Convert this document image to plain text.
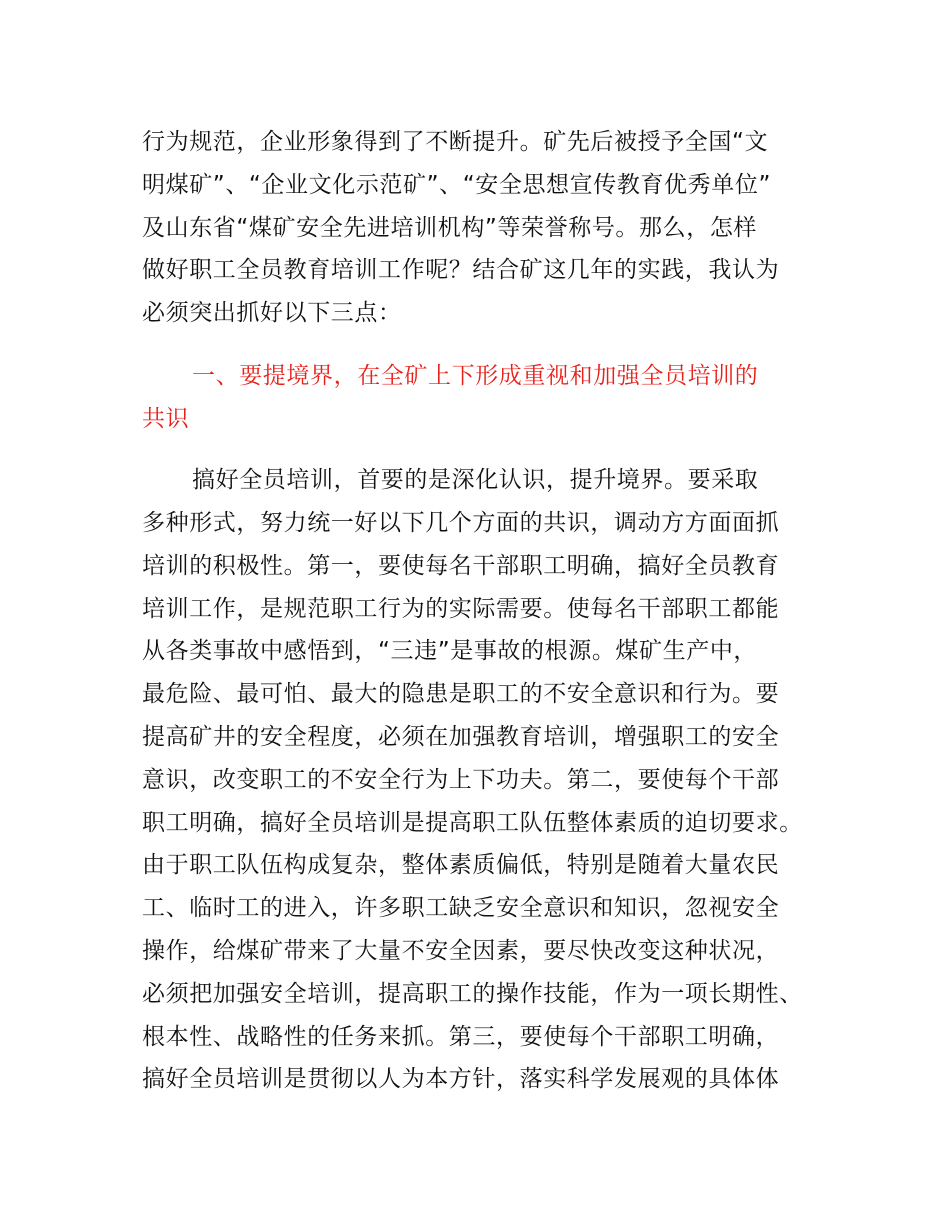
行为规范，企业形象得到了不断提升。矿先后被授予全国“文
明煤矿”、“企业文化示范矿”、“安全思想宣传教育优秀单位”
及山东省“煤矿安全先进培训机构”等荣誉称号。那么，怎样
做好职工全员教育培训工作呢？结合矿这几年的实践，我认为
必须突出抓好以下三点：
一、要提境界，在全矿上下形成重视和加强全员培训的
共识
搞好全员培训，首要的是深化认识，提升境界。要采取
多种形式，努力统一好以下几个方面的共识，调动方方面面抓
培训的积极性。第一，要使每名干部职工明确，搞好全员教育
培训工作，是规范职工行为的实际需要。使每名干部职工都能
从各类事故中感悟到，“三违”是事故的根源。煤矿生产中，
最危险、最可怕、最大的隐患是职工的不安全意识和行为。要
提高矿井的安全程度，必须在加强教育培训，增强职工的安全
意识，改变职工的不安全行为上下功夫。第二，要使每个干部
职工明确，搞好全员培训是提高职工队伍整体素质的迫切要求。
由于职工队伍构成复杂，整体素质偏低，特别是随着大量农民
工、临时工的进入，许多职工缺乏安全意识和知识，忽视安全
操作，给煤矿带来了大量不安全因素，要尽快改变这种状况，
必须把加强安全培训，提高职工的操作技能，作为一项长期性、
根本性、战略性的任务来抓。第三，要使每个干部职工明确，
搞好全员培训是贯彻以人为本方针，落实科学发展观的具体体
